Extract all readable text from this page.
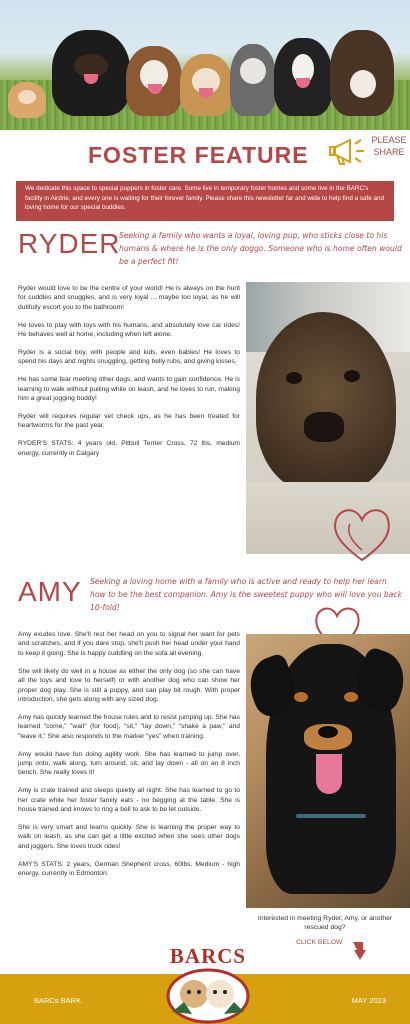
FOSTER FEATURE
PLEASE SHARE
We dedicate this space to special puppers in foster care. Some live in temporary foster homes and some live in the BARC's facility in Airdrie, and every one is waiting for their forever family. Please share this newsletter far and wide to help find a safe and loving home for our special buddies.
RYDER
Seeking a family who wants a loyal, loving pup, who sticks close to his humans & where he is the only doggo. Someone who is home often would be a perfect fit!

Ryder would love to be the centre of your world! He is always on the hunt for cuddles and snuggles, and is very loyal ... maybe too loyal, as he will dutifully escort you to the bathroom!

He loves to play with toys with his humans, and absolutely love car rides! He behaves well at home, including when left alone.

Ryder is a social boy, with people and kids, even babies! He loves to spend his days and nights snuggling, getting belly rubs, and giving kisses.

He has some fear meeting other dogs, and wants to gain confidence. He is learning to walk without pulling while on leash, and he loves to run, making him a great jogging buddy!

Ryder will requires regular vet check ups, as he has been treated for heartworms for the past year.

RYDER'S STATS: 4 years old, Pitbull Terrier Cross, 72 lbs, medium energy, currently in Calgary

AMY Seeking a loving home with a family who is active and ready to help her learn how to be the best companion. Amy is the sweetest puppy who will love you back 10-fold!

Amy exudes love. She'll rest her head on you to signal her want for pets and scratches, and if you dare stop, she'll push her head under your hand to keep it going. She is happy cuddling on the sofa all evening.

She will likely do well in a house as either the only dog (so she can have all the toys and love to herself) or with another dog who can show her proper dog play. She is still a puppy, and can play bit rough. With proper introduction, she gets along with any sized dog.

Amy has quickly learned the house rules and to resist jumping up. She has learned "come," "wait" (for food), "sit," "lay down," "shake a paw," and "leave it." She also responds to the marker "yes" when training.

Amy would have fun doing agility work. She has learned to jump over, jump onto, walk along, turn around, sit, and lay down - all on an 8 inch bench. She really loves it!

Amy is crate trained and sleeps quietly all night. She has learned to go to her crate while her foster family eats - no begging at the table. She is house trained and knows to ring a bell to ask to be let outside.

She is very smart and learns quickly. She is learning the proper way to walk on leash, as she can get a little excited when she sees other dogs and joggers. She loves truck rides!

AMY'S STATS: 2 years, German Shepherd cross, 60lbs, Medium - high energy, currently in Edmonton.

Interested in meeting Ryder, Amy, or another rescued dog?
CLICK BELOW
BARCs BARK	MAY 2023
BARCS
